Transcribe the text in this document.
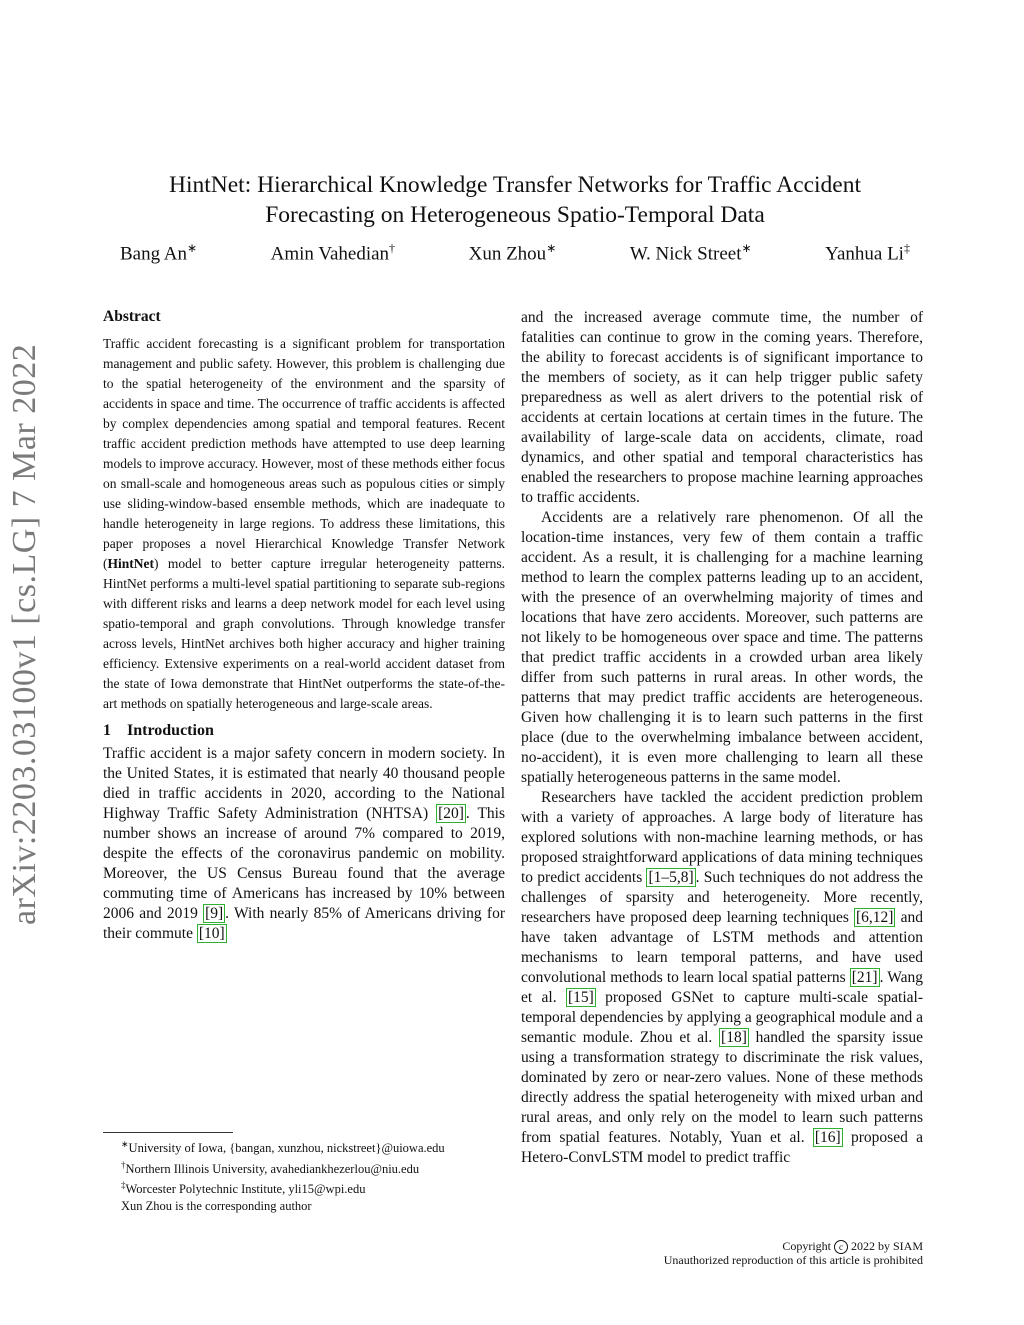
arXiv:2203.03100v1 [cs.LG] 7 Mar 2022
HintNet: Hierarchical Knowledge Transfer Networks for Traffic Accident
Forecasting on Heterogeneous Spatio-Temporal Data
Bang An∗	Amin Vahedian†	Xun Zhou∗	W. Nick Street∗	Yanhua Li‡
Abstract

Traffic accident forecasting is a significant problem for transportation management and public safety. However, this problem is challenging due to the spatial heterogeneity of the environment and the sparsity of accidents in space and time. The occurrence of traffic accidents is affected by complex dependencies among spatial and temporal features. Recent traffic accident prediction methods have attempted to use deep learning models to improve accuracy. However, most of these methods either focus on small-scale and homogeneous areas such as populous cities or simply use sliding-window-based ensemble methods, which are inadequate to handle heterogeneity in large regions. To address these limitations, this paper proposes a novel Hierarchical Knowledge Transfer Network (HintNet) model to better capture irregular heterogeneity patterns. HintNet performs a multi-level spatial partitioning to separate sub-regions with different risks and learns a deep network model for each level using spatio-temporal and graph convolutions. Through knowledge transfer across levels, HintNet archives both higher accuracy and higher training efficiency. Extensive experiments on a real-world accident dataset from the state of Iowa demonstrate that HintNet outperforms the state-of-the-art methods on spatially heterogeneous and large-scale areas.

1 Introduction

Traffic accident is a major safety concern in modern society. In the United States, it is estimated that nearly 40 thousand people died in traffic accidents in 2020, according to the National Highway Traffic Safety Administration (NHTSA) [20] . This number shows an increase of around 7% compared to 2019, despite the effects of the coronavirus pandemic on mobility. Moreover, the US Census Bureau found that the average commuting time of Americans has increased by 10% between 2006 and 2019 [9] . With nearly 85% of Americans driving for their commute [10]

and the increased average commute time, the number of fatalities can continue to grow in the coming years. Therefore, the ability to forecast accidents is of significant importance to the members of society, as it can help trigger public safety preparedness as well as alert drivers to the potential risk of accidents at certain locations at certain times in the future. The availability of large-scale data on accidents, climate, road dynamics, and other spatial and temporal characteristics has enabled the researchers to propose machine learning approaches to traffic accidents.

Accidents are a relatively rare phenomenon. Of all the location-time instances, very few of them contain a traffic accident. As a result, it is challenging for a machine learning method to learn the complex patterns leading up to an accident, with the presence of an overwhelming majority of times and locations that have zero accidents. Moreover, such patterns are not likely to be homogeneous over space and time. The patterns that predict traffic accidents in a crowded urban area likely differ from such patterns in rural areas. In other words, the patterns that may predict traffic accidents are heterogeneous. Given how challenging it is to learn such patterns in the first place (due to the overwhelming imbalance between accident, no-accident), it is even more challenging to learn all these spatially heterogeneous patterns in the same model.

Researchers have tackled the accident prediction problem with a variety of approaches. A large body of literature has explored solutions with non-machine learning methods, or has proposed straightforward applications of data mining techniques to predict accidents [1–5,8] . Such techniques do not address the challenges of sparsity and heterogeneity. More recently, researchers have proposed deep learning techniques [6,12] and have taken advantage of LSTM methods and attention mechanisms to learn temporal patterns, and have used convolutional methods to learn local spatial patterns [21] . Wang et al. [15] proposed GSNet to capture multi-scale spatial-temporal dependencies by applying a geographical module and a semantic module. Zhou et al. [18] handled the sparsity issue using a transformation strategy to discriminate the risk values, dominated by zero or near-zero values. None of these methods directly address the spatial heterogeneity with mixed urban and rural areas, and only rely on the model to learn such patterns from spatial features. Notably, Yuan et al. [16] proposed a Hetero-ConvLSTM model to predict traffic

∗University of Iowa, {bangan, xunzhou, nickstreet}@uiowa.edu
†Northern Illinois University, avahediankhezerlou@niu.edu
‡Worcester Polytechnic Institute, yli15@wpi.edu
Xun Zhou is the corresponding author
Copyright c 2022 by SIAM
Unauthorized reproduction of this article is prohibited
